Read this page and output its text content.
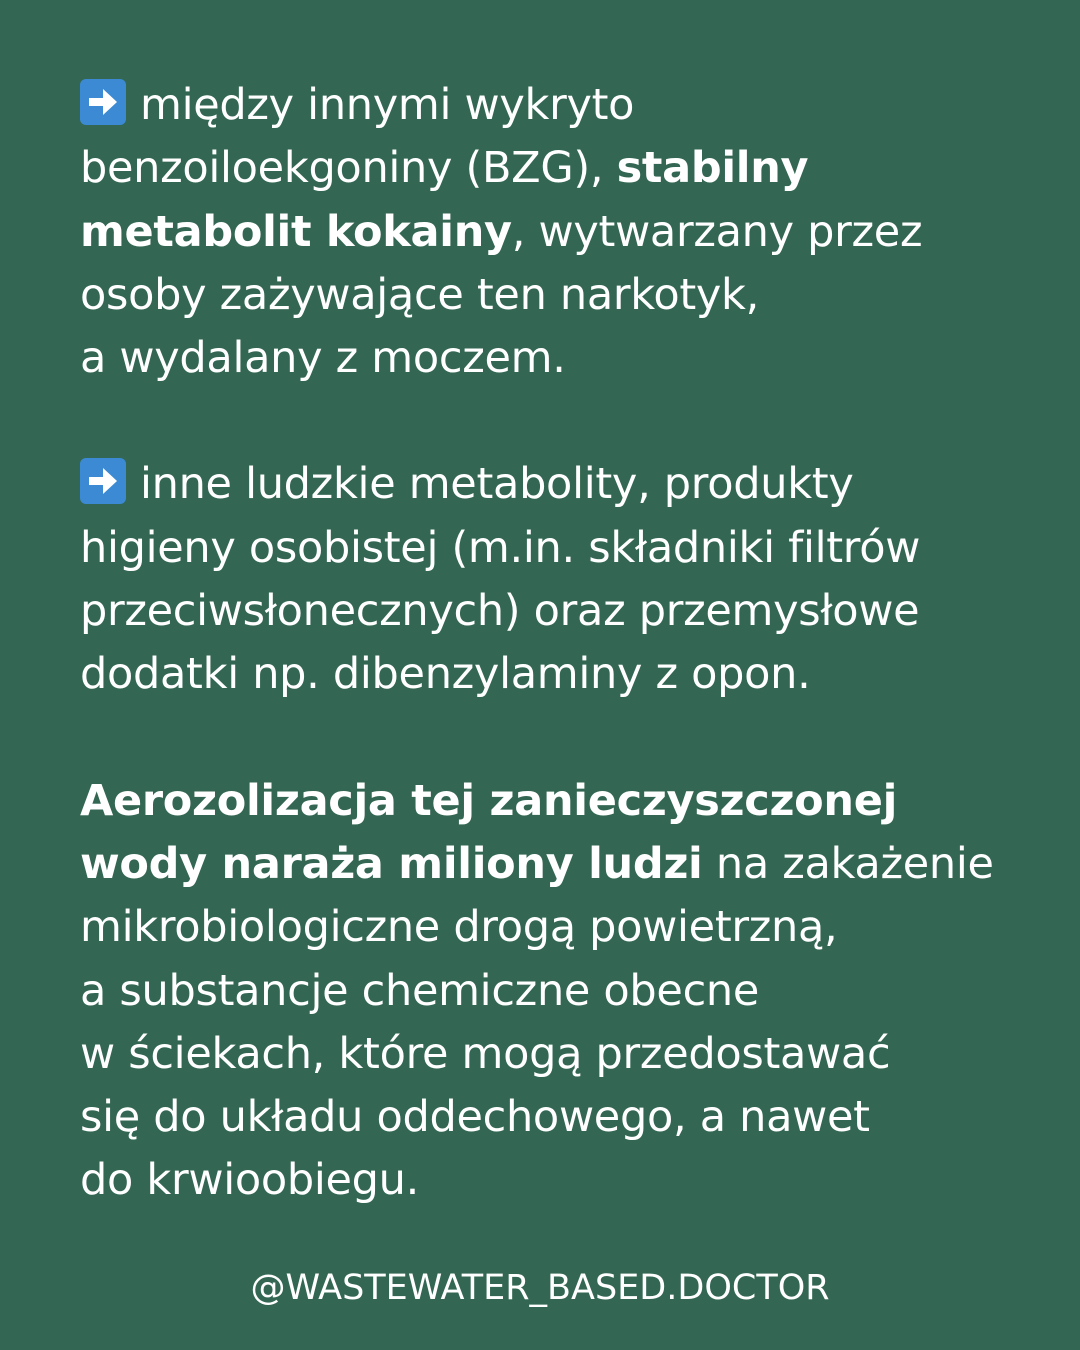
między innymi wykryto
benzoiloekgoniny (BZG), stabilny
metabolit kokainy, wytwarzany przez
osoby zażywające ten narkotyk,
a wydalany z moczem.

inne ludzkie metabolity, produkty
higieny osobistej (m.in. składniki filtrów
przeciwsłonecznych) oraz przemysłowe
dodatki np. dibenzylaminy z opon.

Aerozolizacja tej zanieczyszczonej
wody naraża miliony ludzi na zakażenie
mikrobiologiczne drogą powietrzną,
a substancje chemiczne obecne
w ściekach, które mogą przedostawać
się do układu oddechowego, a nawet
do krwioobiegu.

@WASTEWATER_BASED.DOCTOR
